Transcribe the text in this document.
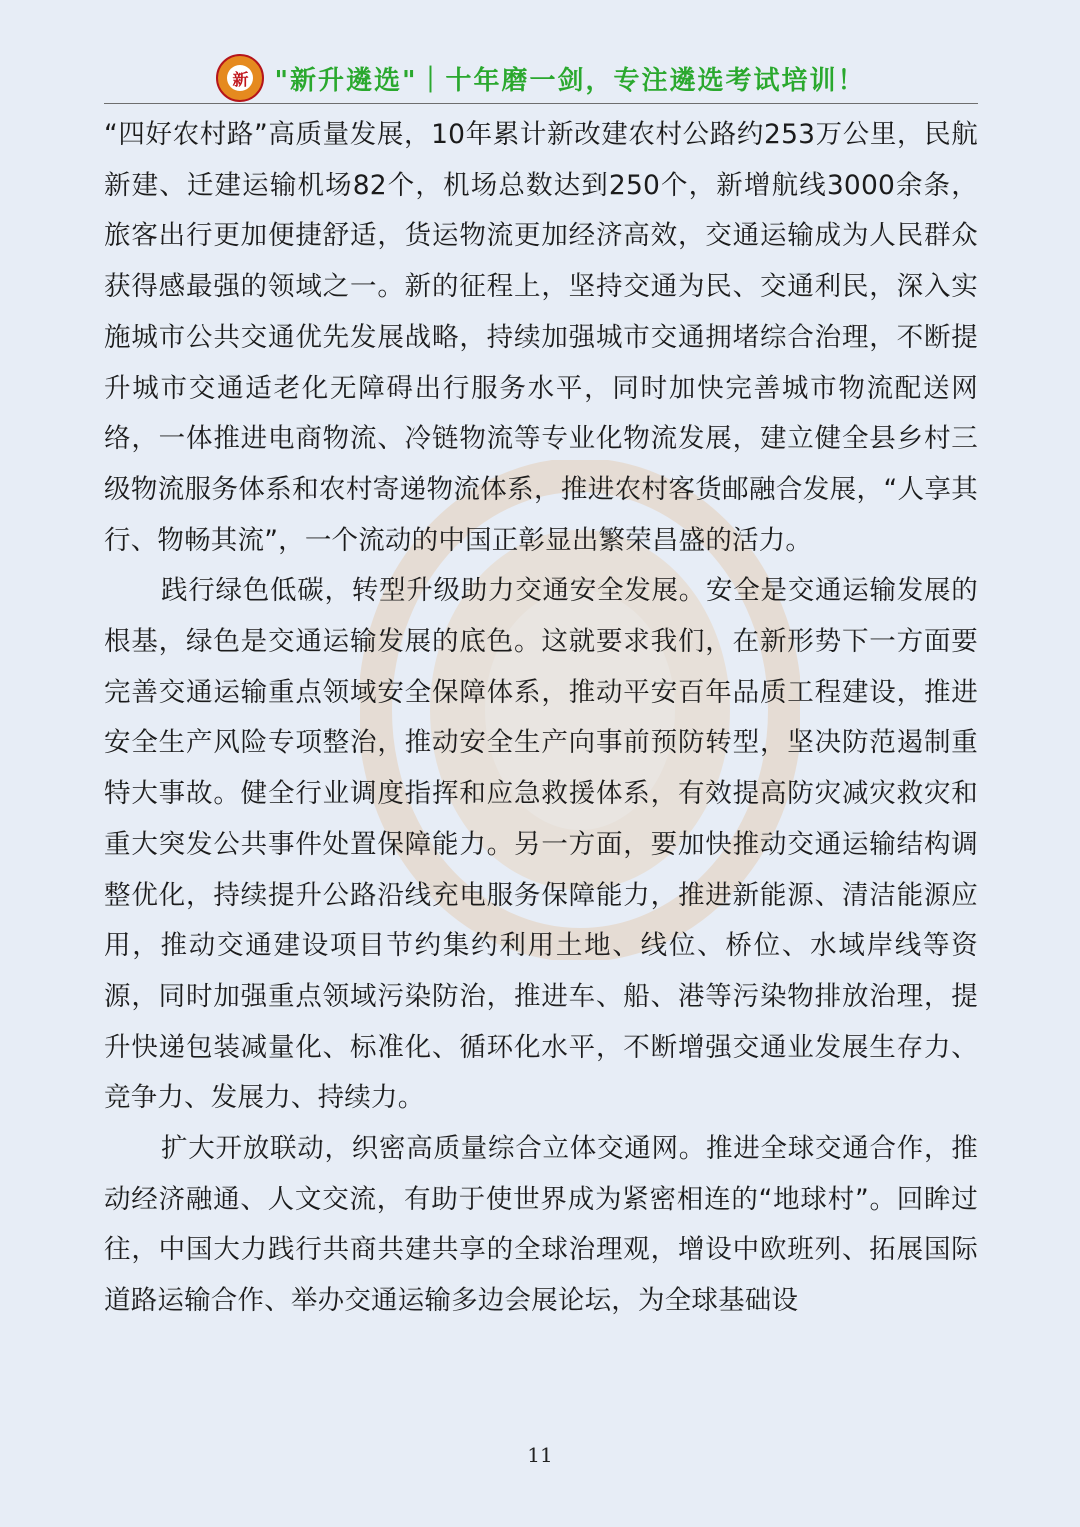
新 "新升遴选"｜十年磨一剑，专注遴选考试培训！

“四好农村路”高质量发展，10年累计新改建农村公路约253万公里，民航新建、迁建运输机场82个，机场总数达到250个，新增航线3000余条，旅客出行更加便捷舒适，货运物流更加经济高效，交通运输成为人民群众获得感最强的领域之一。新的征程上，坚持交通为民、交通利民，深入实施城市公共交通优先发展战略，持续加强城市交通拥堵综合治理，不断提升城市交通适老化无障碍出行服务水平，同时加快完善城市物流配送网络，一体推进电商物流、冷链物流等专业化物流发展，建立健全县乡村三级物流服务体系和农村寄递物流体系，推进农村客货邮融合发展，“人享其行、物畅其流”，一个流动的中国正彰显出繁荣昌盛的活力。

践行绿色低碳，转型升级助力交通安全发展。安全是交通运输发展的根基，绿色是交通运输发展的底色。这就要求我们，在新形势下一方面要完善交通运输重点领域安全保障体系，推动平安百年品质工程建设，推进安全生产风险专项整治，推动安全生产向事前预防转型，坚决防范遏制重特大事故。健全行业调度指挥和应急救援体系，有效提高防灾减灾救灾和重大突发公共事件处置保障能力。另一方面，要加快推动交通运输结构调整优化，持续提升公路沿线充电服务保障能力，推进新能源、清洁能源应用，推动交通建设项目节约集约利用土地、线位、桥位、水域岸线等资源，同时加强重点领域污染防治，推进车、船、港等污染物排放治理，提升快递包装减量化、标准化、循环化水平，不断增强交通业发展生存力、竞争力、发展力、持续力。

扩大开放联动，织密高质量综合立体交通网。推进全球交通合作，推动经济融通、人文交流，有助于使世界成为紧密相连的“地球村”。回眸过往，中国大力践行共商共建共享的全球治理观，增设中欧班列、拓展国际道路运输合作、举办交通运输多边会展论坛，为全球基础设

11
